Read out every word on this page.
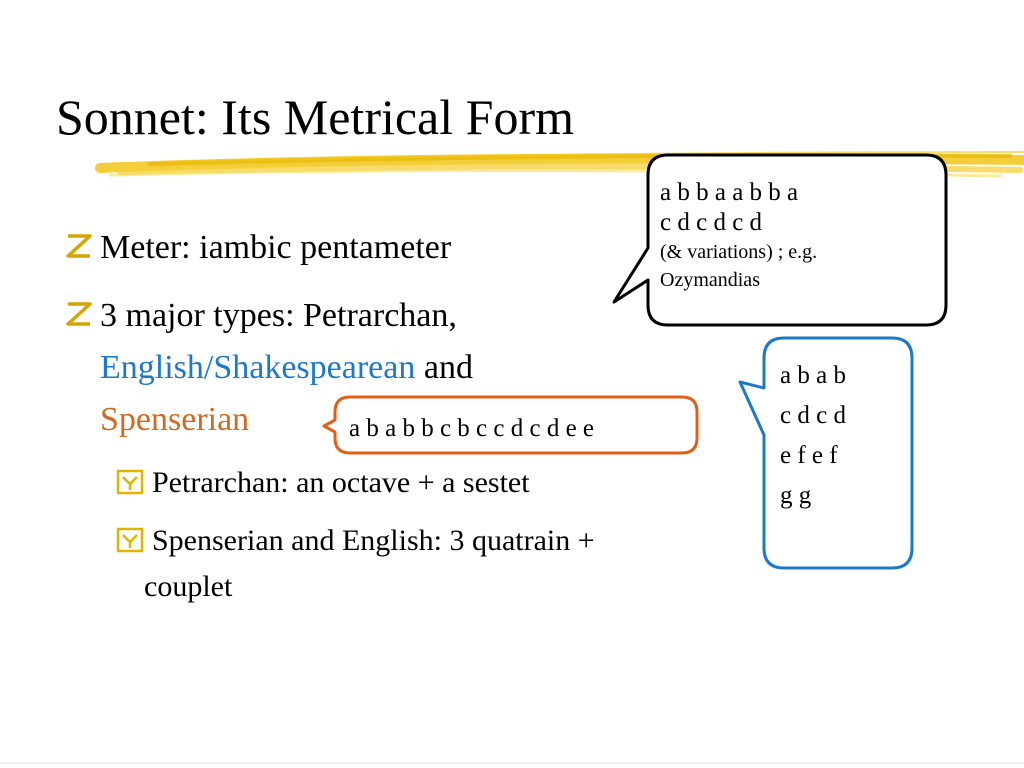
Sonnet: Its Metrical Form
Meter: iambic pentameter
3 major types: Petrarchan,
English/Shakespearean and
Spenserian
Petrarchan: an octave + a sestet
Spenserian and English: 3 quatrain +
couplet
a b b a a b b a
c d c d c d
(& variations) ; e.g.
Ozymandias
a b a b
c d c d
e f e f
g g
a b a b b c b c c d c d e e
